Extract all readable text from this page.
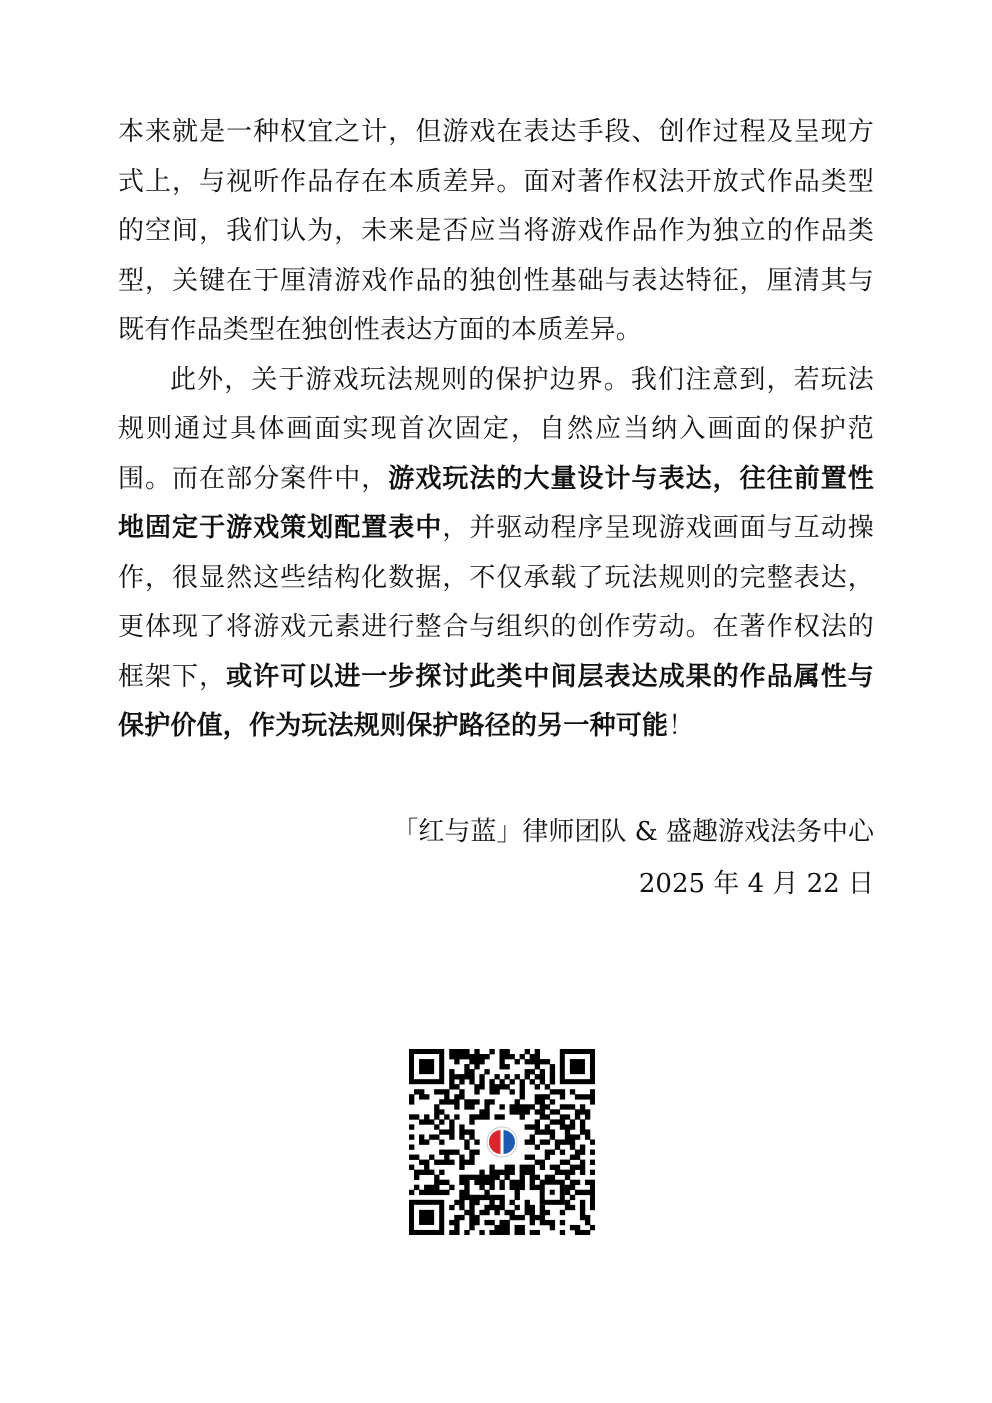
本来就是一种权宜之计，但游戏在表达手段、创作过程及呈现方式上，与视听作品存在本质差异。面对著作权法开放式作品类型的空间，我们认为，未来是否应当将游戏作品作为独立的作品类型，关键在于厘清游戏作品的独创性基础与表达特征，厘清其与既有作品类型在独创性表达方面的本质差异。

此外，关于游戏玩法规则的保护边界。我们注意到，若玩法规则通过具体画面实现首次固定，自然应当纳入画面的保护范围。而在部分案件中，游戏玩法的大量设计与表达，往往前置性地固定于游戏策划配置表中，并驱动程序呈现游戏画面与互动操作，很显然这些结构化数据，不仅承载了玩法规则的完整表达，更体现了将游戏元素进行整合与组织的创作劳动。在著作权法的框架下，或许可以进一步探讨此类中间层表达成果的作品属性与保护价值，作为玩法规则保护路径的另一种可能！

「红与蓝」律师团队 & 盛趣游戏法务中心
2025 年 4 月 22 日
